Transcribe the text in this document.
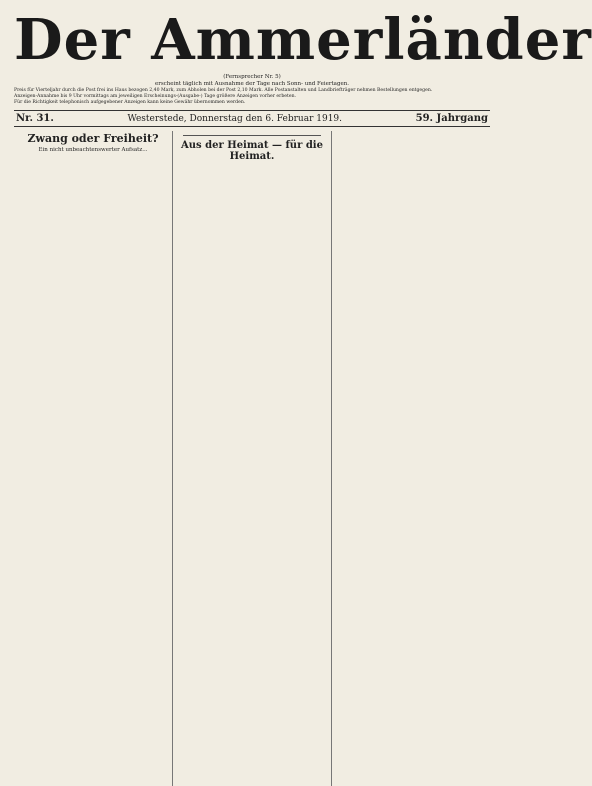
Der Ammerländer
(Fernsprecher Nr. 5)
erscheint täglich mit Ausnahme der Tage nach Sonn- und Feiertagen.
Preis für Vierteljahr durch die Post frei ins Haus bezogen 2,40 Mark, zum Abholen bei der Post 2,10 Mark. Alle Postanstalten und Landbriefträger nehmen Bestellungen entgegen.
Anzeigen-Annahme bis 9 Uhr vormittags am jeweiligen Erscheinungs-(Ausgabe-) Tage größere Anzeigen vorher erbeten.
Für die Richtigkeit telephonisch aufgegebener Anzeigen kann keine Gewähr übernommen werden.
Nr. 31.	Westerstede, Donnerstag den 6. Februar 1919.	59. Jahrgang
Zwang oder Freiheit?
Ein nicht unbeachtenswerter Aufsatz...	Aus der Heimat — für die Heimat.
